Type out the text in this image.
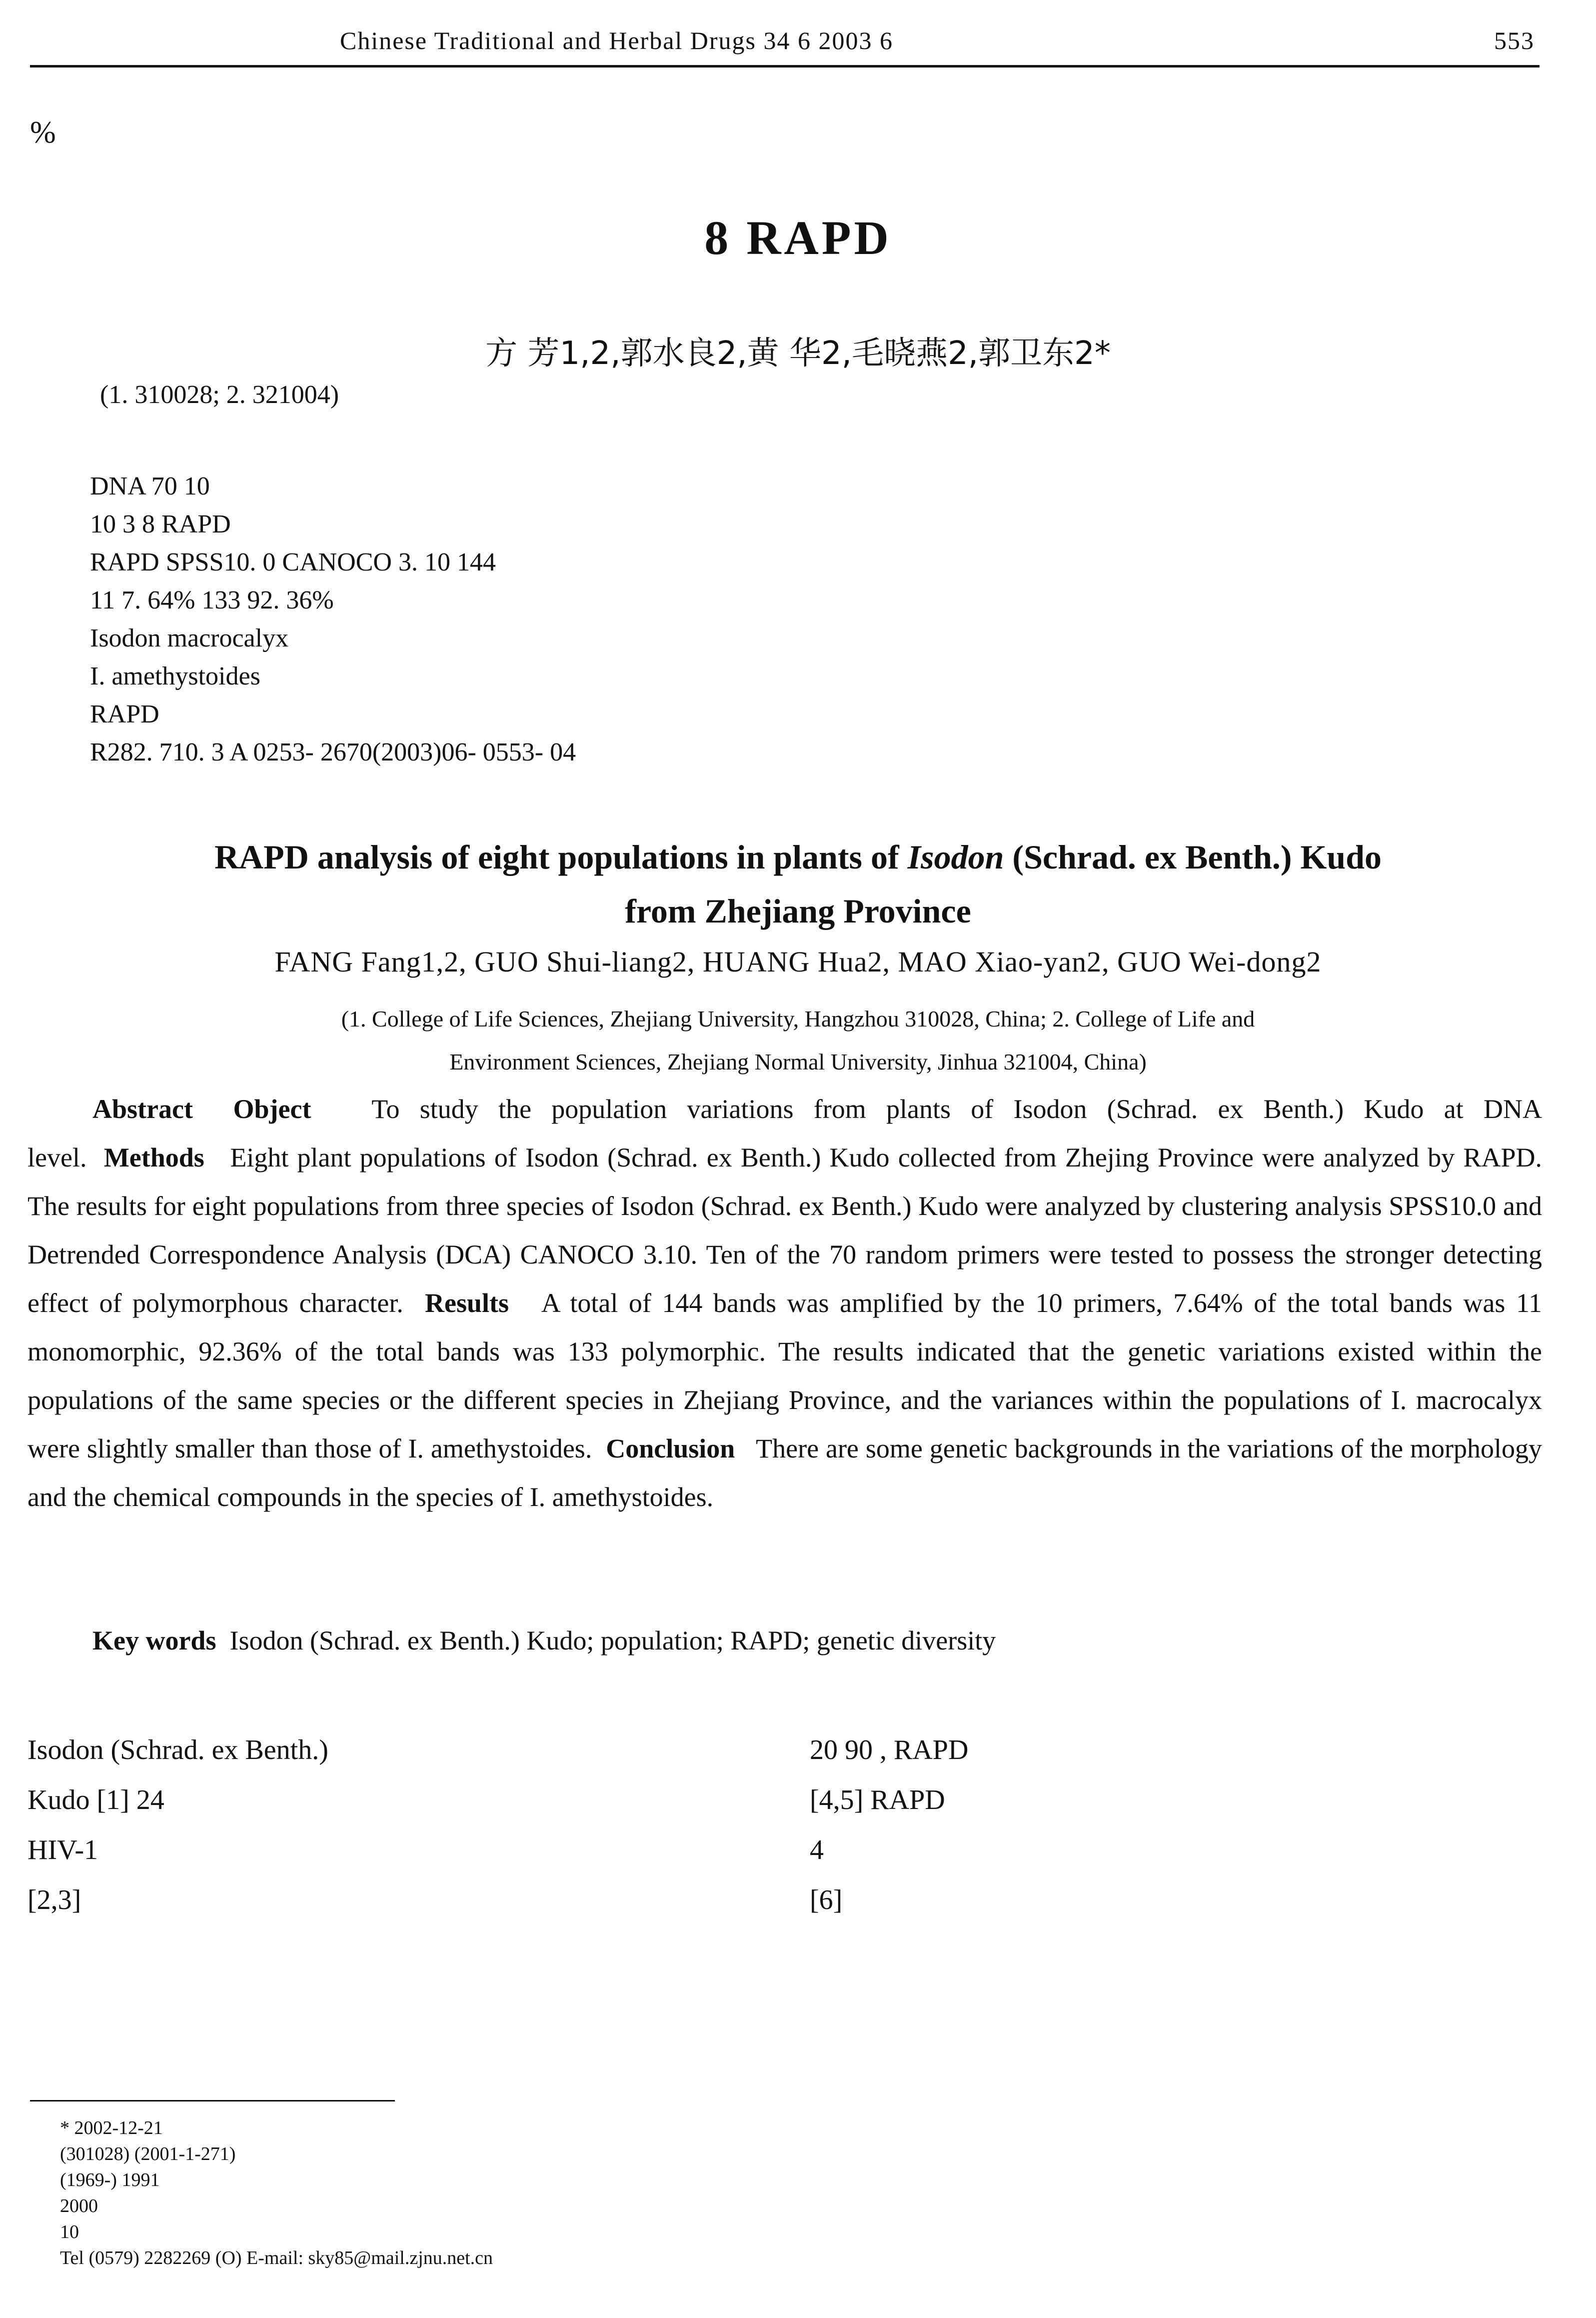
Chinese Traditional and Herbal Drugs 34 6 2003 6	553
%
8 RAPD
方 芳1,2,郭水良2,黄 华2,毛晓燕2,郭卫东2*
(1. 310028; 2. 321004)

DNA 70 10

10 3 8 RAPD

RAPD SPSS10. 0 CANOCO 3. 10 144

11 7. 64% 133 92. 36%

Isodon macrocalyx

I. amethystoides

RAPD

R282. 710. 3 A 0253- 2670(2003)06- 0553- 04

RAPD analysis of eight populations in plants of Isodon (Schrad. ex Benth.) Kudo
from Zhejiang Province
FANG Fang1,2, GUO Shui-liang2, HUANG Hua2, MAO Xiao-yan2, GUO Wei-dong2
(1. College of Life Sciences, Zhejiang University, Hangzhou 310028, China; 2. College of Life and
Environment Sciences, Zhejiang Normal University, Jinhua 321004, China)
Abstract Object To study the population variations from plants of Isodon (Schrad. ex Benth.) Kudo at DNA level. Methods Eight plant populations of Isodon (Schrad. ex Benth.) Kudo collected from Zhejing Province were analyzed by RAPD. The results for eight populations from three species of Isodon (Schrad. ex Benth.) Kudo were analyzed by clustering analysis SPSS10.0 and Detrended Correspondence Analysis (DCA) CANOCO 3.10. Ten of the 70 random primers were tested to possess the stronger detecting effect of polymorphous character. Results A total of 144 bands was amplified by the 10 primers, 7.64% of the total bands was 11 monomorphic, 92.36% of the total bands was 133 polymorphic. The results indicated that the genetic variations existed within the populations of the same species or the different species in Zhejiang Province, and the variances within the populations of I. macrocalyx were slightly smaller than those of I. amethystoides. Conclusion There are some genetic backgrounds in the variations of the morphology and the chemical compounds in the species of I. amethystoides.
Key words Isodon (Schrad. ex Benth.) Kudo; population; RAPD; genetic diversity

Isodon (Schrad. ex Benth.)

Kudo [1] 24

HIV-1

[2,3]

20 90 , RAPD

[4,5] RAPD

4

[6]

* 2002-12-21

(301028) (2001-1-271)

(1969-) 1991

2000

10

Tel (0579) 2282269 (O) E-mail: sky85@mail.zjnu.net.cn
